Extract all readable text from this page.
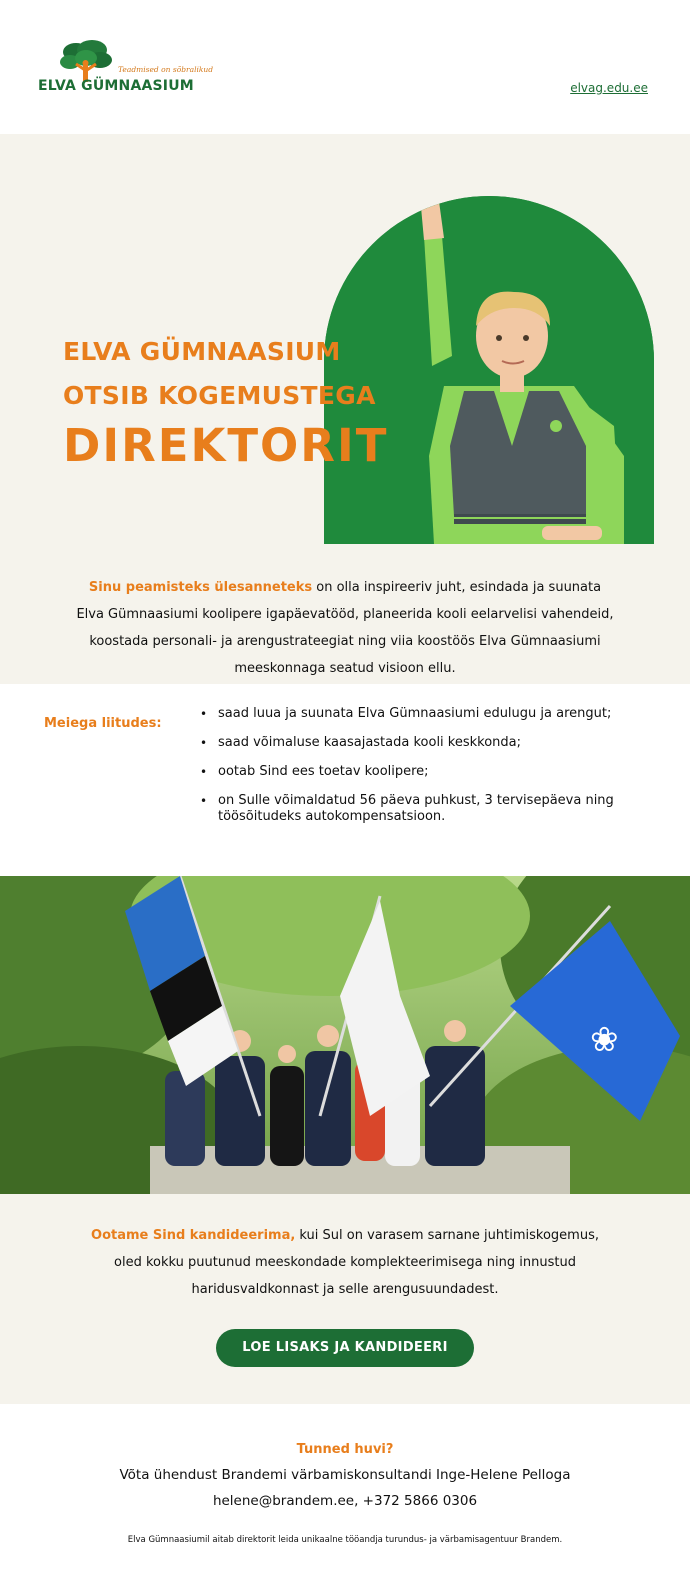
Teadmised on sõbralikud
ELVA GÜMNAASIUM	elvag.edu.ee
ELVA GÜMNAASIUM
OTSIB KOGEMUSTEGA
DIREKTORIT
Sinu peamisteks ülesanneteks on olla inspireeriv juht, esindada ja suunata
Elva Gümnaasiumi koolipere igapäevatööd, planeerida kooli eelarvelisi vahendeid,
koostada personali- ja arengustrateegiat ning viia koostöös Elva Gümnaasiumi
meeskonnaga seatud visioon ellu.
Meiega liitudes:
• saad luua ja suunata Elva Gümnaasiumi edulugu ja arengut;
• saad võimaluse kaasajastada kooli keskkonda;
• ootab Sind ees toetav koolipere;
• on Sulle võimaldatud 56 päeva puhkust, 3 tervisepäeva ning töösõitudeks autokompensatsioon.
❀
Ootame Sind kandideerima, kui Sul on varasem sarnane juhtimiskogemus,
oled kokku puutunud meeskondade komplekteerimisega ning innustud
haridusvaldkonnast ja selle arengusuundadest.
LOE LISAKS JA KANDIDEERI
Tunned huvi?
Võta ühendust Brandemi värbamiskonsultandi Inge-Helene Pelloga
helene@brandem.ee, +372 5866 0306
Elva Gümnaasiumil aitab direktorit leida unikaalne tööandja turundus- ja värbamisagentuur Brandem.
